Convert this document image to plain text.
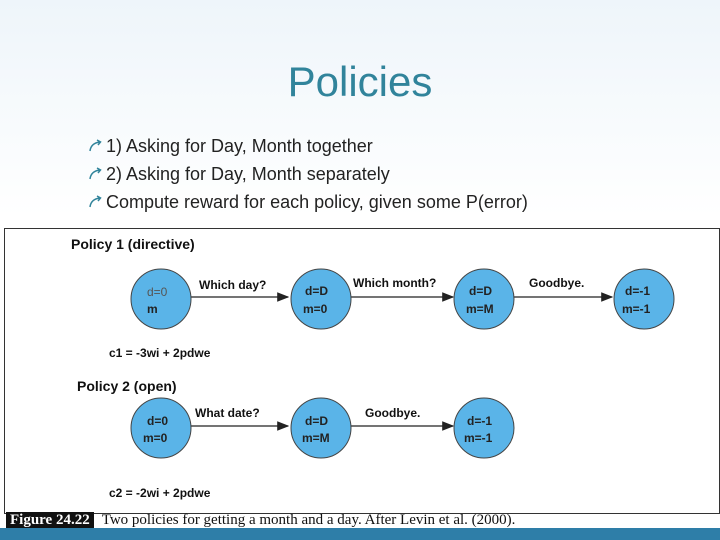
Policies
1) Asking for Day, Month together
2) Asking for Day, Month separately
Compute reward for each policy, given some P(error)
Policy 1 (directive)
Which day?	Which month?	Goodbye.
d=0
m
d=D
m=0
d=D
m=M
d=-1
m=-1
c1 = -3wi + 2pdwe
Policy 2 (open)
What date?	Goodbye.
d=0
m=0
d=D
m=M
d=-1
m=-1
c2 = -2wi + 2pdwe
Figure 24.22 Two policies for getting a month and a day. After Levin et al. (2000).
